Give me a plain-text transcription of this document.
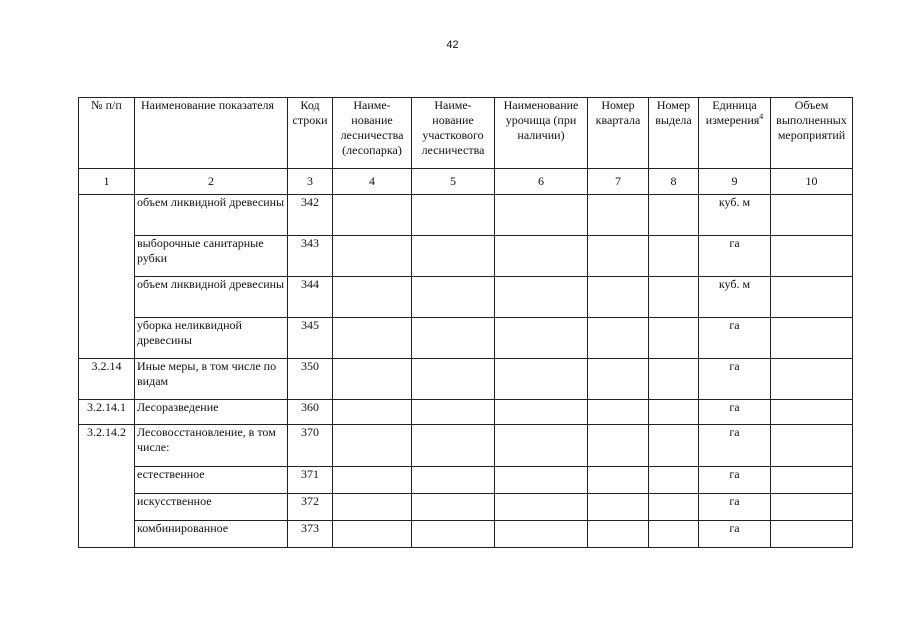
42
№ п/п	Наименование показателя	Код строки	Наиме-нование лесничества (лесопарка)	Наиме-нование участкового лесничества	Наименование урочища (при наличии)	Номер квартала	Номер выдела	Единица измерения$^4$	Объем выполненных мероприятий
1	2	3	4	5	6	7	8	9	10
	объем ликвидной древесины	342						куб. м	
	выборочные санитарные рубки	343						га	
	объем ликвидной древесины	344						куб. м	
	уборка неликвидной древесины	345						га	
3.2.14	Иные меры, в том числе по видам	350						га	
3.2.14.1	Лесоразведение	360						га	
3.2.14.2	Лесовосстановление, в том числе:	370						га	
	естественное	371						га	
	искусственное	372						га	
	комбинированное	373						га	
